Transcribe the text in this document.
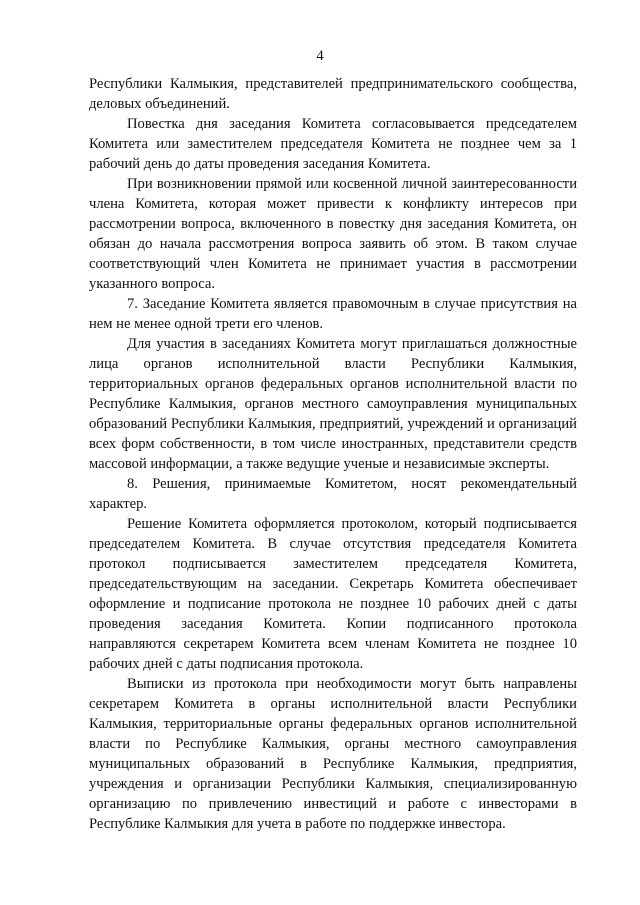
4

Республики Калмыкия, представителей предпринимательского сообщества, деловых объединений.

Повестка дня заседания Комитета согласовывается председателем Комитета или заместителем председателя Комитета не позднее чем за 1 рабочий день до даты проведения заседания Комитета.

При возникновении прямой или косвенной личной заинтересованности члена Комитета, которая может привести к конфликту интересов при рассмотрении вопроса, включенного в повестку дня заседания Комитета, он обязан до начала рассмотрения вопроса заявить об этом. В таком случае соответствующий член Комитета не принимает участия в рассмотрении указанного вопроса.

7. Заседание Комитета является правомочным в случае присутствия на нем не менее одной трети его членов.

Для участия в заседаниях Комитета могут приглашаться должностные лица органов исполнительной власти Республики Калмыкия, территориальных органов федеральных органов исполнительной власти по Республике Калмыкия, органов местного самоуправления муниципальных образований Республики Калмыкия, предприятий, учреждений и организаций всех форм собственности, в том числе иностранных, представители средств массовой информации, а также ведущие ученые и независимые эксперты.

8. Решения, принимаемые Комитетом, носят рекомендательный характер.

Решение Комитета оформляется протоколом, который подписывается председателем Комитета. В случае отсутствия председателя Комитета протокол подписывается заместителем председателя Комитета, председательствующим на заседании. Секретарь Комитета обеспечивает оформление и подписание протокола не позднее 10 рабочих дней с даты проведения заседания Комитета. Копии подписанного протокола направляются секретарем Комитета всем членам Комитета не позднее 10 рабочих дней с даты подписания протокола.

Выписки из протокола при необходимости могут быть направлены секретарем Комитета в органы исполнительной власти Республики Калмыкия, территориальные органы федеральных органов исполнительной власти по Республике Калмыкия, органы местного самоуправления муниципальных образований в Республике Калмыкия, предприятия, учреждения и организации Республики Калмыкия, специализированную организацию по привлечению инвестиций и работе с инвесторами в Республике Калмыкия для учета в работе по поддержке инвестора.
